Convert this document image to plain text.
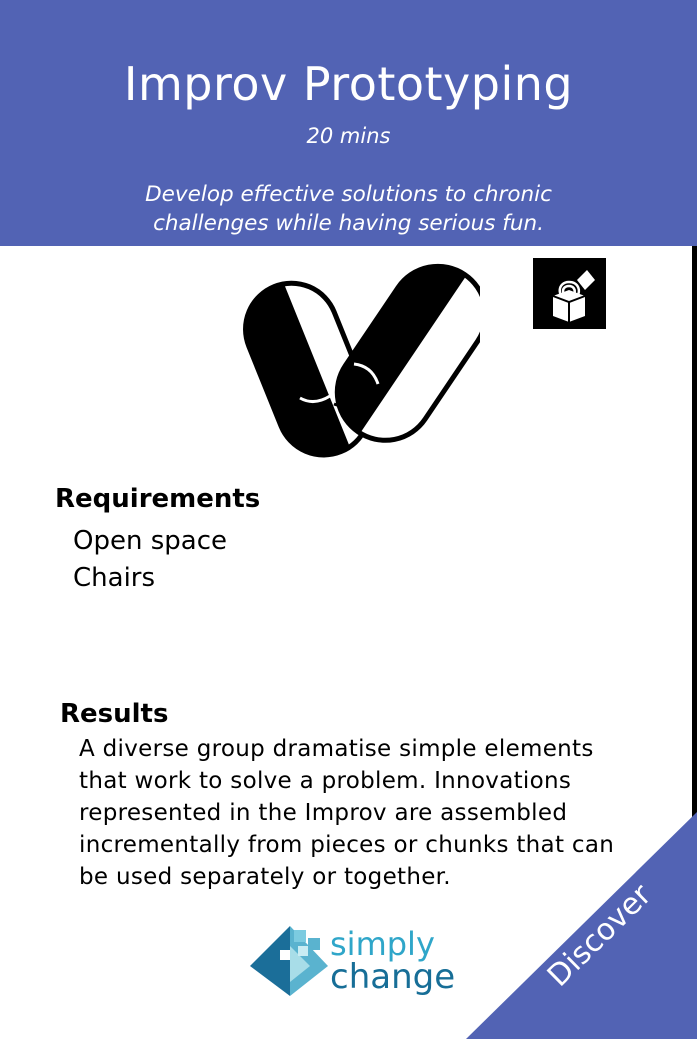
Improv Prototyping
20 mins
Develop effective solutions to chronic challenges while having serious fun.
Requirements
Open space
Chairs
Results
A diverse group dramatise simple elements that work to solve a problem. Innovations represented in the Improv are assembled incrementally from pieces or chunks that can be used separately or together.
simply
change	Discover
